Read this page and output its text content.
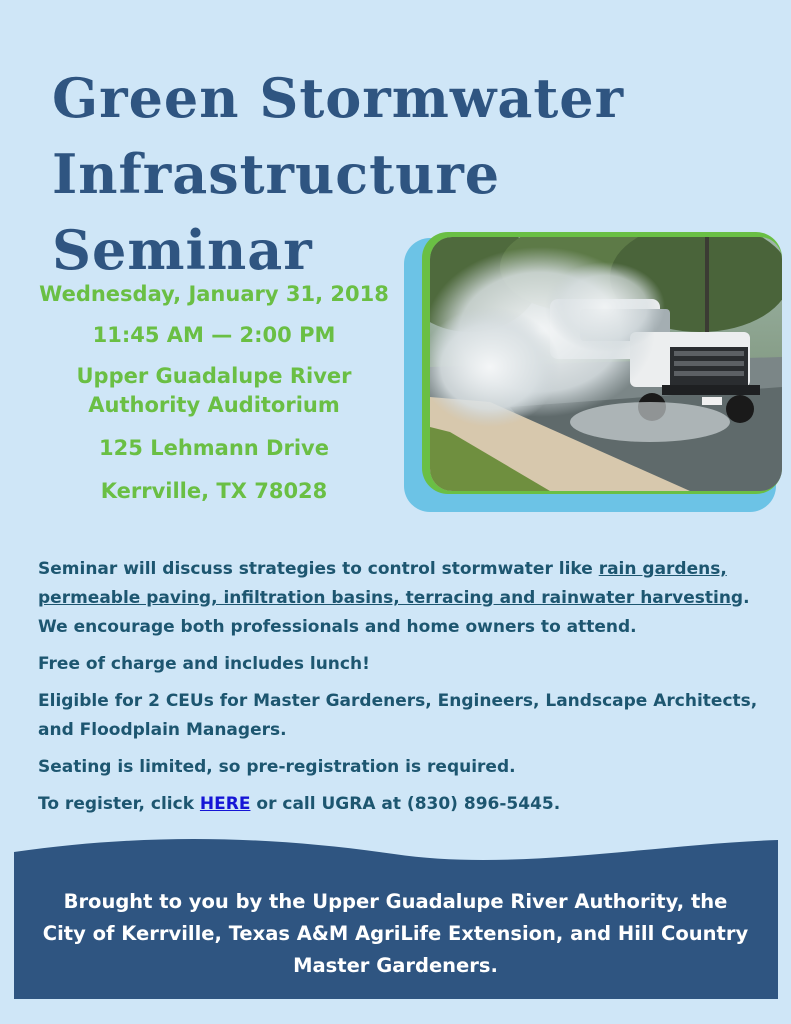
Green Stormwater
Infrastructure
Seminar
Wednesday, January 31, 2018
11:45 AM — 2:00 PM
Upper Guadalupe River
Authority Auditorium
125 Lehmann Drive
Kerrville, TX 78028

Seminar will discuss strategies to control stormwater like rain gardens, permeable paving, infiltration basins, terracing and rainwater harvesting. We encourage both professionals and home owners to attend.

Free of charge and includes lunch!

Eligible for 2 CEUs for Master Gardeners, Engineers, Landscape Architects, and Floodplain Managers.

Seating is limited, so pre-registration is required.

To register, click HERE or call UGRA at (830) 896-5445.

Brought to you by the Upper Guadalupe River Authority, the City of Kerrville, Texas A&M AgriLife Extension, and Hill Country Master Gardeners.
